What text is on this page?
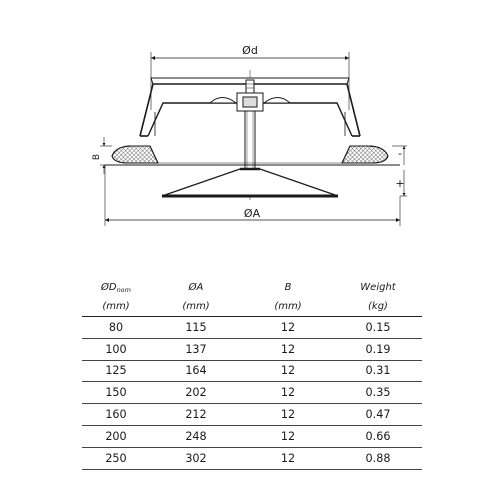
Ød
B	-
+
ØA
$ØD_{nom}$	ØA	B	Weight
(mm)	(mm)	(mm)	(kg)
80	115	12	0.15
100	137	12	0.19
125	164	12	0.31
150	202	12	0.35
160	212	12	0.47
200	248	12	0.66
250	302	12	0.88
